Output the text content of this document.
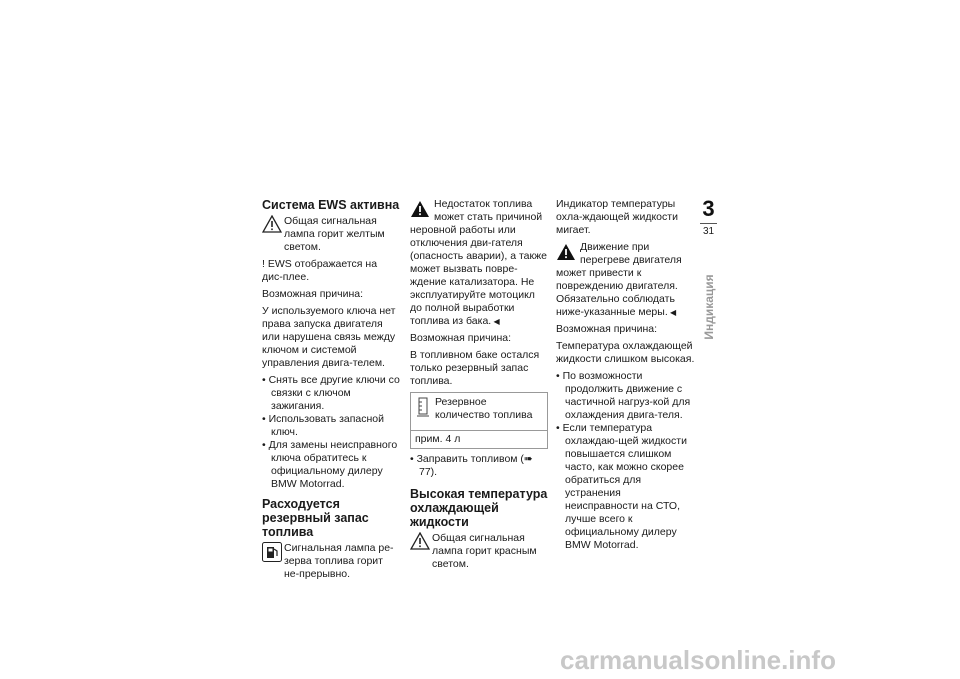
Система EWS активна
Общая сигнальная лампа горит желтым светом.

! EWS отображается на дис-плее.

Возможная причина:

У используемого ключа нет права запуска двигателя или нарушена связь между ключом и системой управления двига-телем.

• Снять все другие ключи со связки с ключом зажигания.
• Использовать запасной ключ.
• Для замены неисправного ключа обратитесь к официальному дилеру BMW Motorrad.
Расходуется резервный запас топлива
Сигнальная лампа ре-зерва топлива горит не-прерывно.

Недостаток топлива может стать причиной неровной работы или отключения дви-гателя (опасность аварии), а также может вызвать повре-ждение катализатора. Не эксплуатируйте мотоцикл до полной выработки топлива из бака. ◀

Возможная причина:

В топливном баке остался только резервный запас топлива.

Резервное количество топлива
прим. 4 л
• Заправить топливом (➠ 77).
Высокая температура охлаждающей жидкости
Общая сигнальная лампа горит красным светом.

Индикатор температуры охла-ждающей жидкости мигает.

Движение при перегреве двигателя может привести к повреждению двигателя. Обязательно соблюдать ниже-указанные меры. ◀

Возможная причина:

Температура охлаждающей жидкости слишком высокая.

• По возможности продолжить движение с частичной нагруз-кой для охлаждения двига-теля.
• Если температура охлаждаю-щей жидкости повышается слишком часто, как можно скорее обратиться для устранения неисправности на СТО, лучше всего к официальному дилеру BMW Motorrad.
3
31
Индикация
carmanualsonline.info
